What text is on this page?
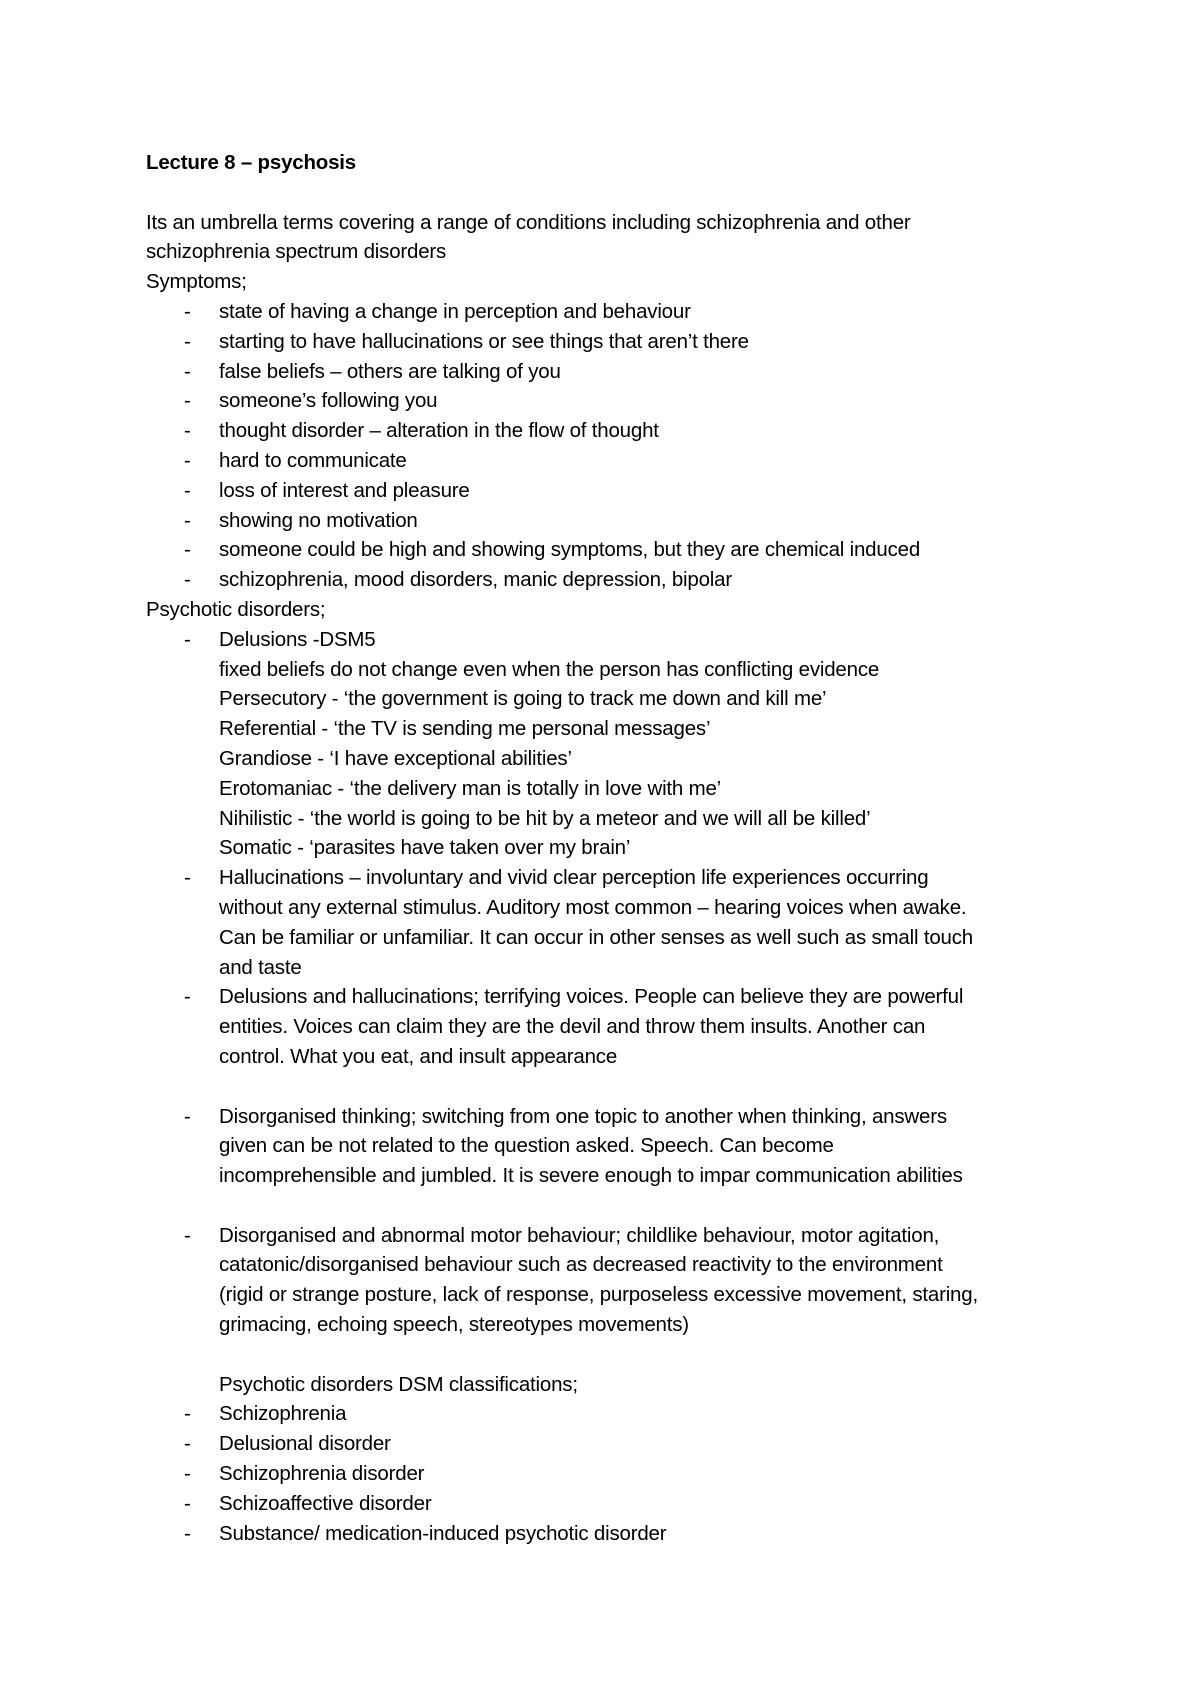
Lecture 8 – psychosis
Its an umbrella terms covering a range of conditions including schizophrenia and other
schizophrenia spectrum disorders
Symptoms;
- state of having a change in perception and behaviour
- starting to have hallucinations or see things that aren’t there
- false beliefs – others are talking of you
- someone’s following you
- thought disorder – alteration in the flow of thought
- hard to communicate
- loss of interest and pleasure
- showing no motivation
- someone could be high and showing symptoms, but they are chemical induced
- schizophrenia, mood disorders, manic depression, bipolar
Psychotic disorders;
- Delusions -DSM5
fixed beliefs do not change even when the person has conflicting evidence
Persecutory - ‘the government is going to track me down and kill me’
Referential - ‘the TV is sending me personal messages’
Grandiose - ‘I have exceptional abilities’
Erotomaniac - ‘the delivery man is totally in love with me’
Nihilistic - ‘the world is going to be hit by a meteor and we will all be killed’
Somatic - ‘parasites have taken over my brain’
- Hallucinations – involuntary and vivid clear perception life experiences occurring
without any external stimulus. Auditory most common – hearing voices when awake.
Can be familiar or unfamiliar. It can occur in other senses as well such as small touch
and taste
- Delusions and hallucinations; terrifying voices. People can believe they are powerful
entities. Voices can claim they are the devil and throw them insults. Another can
control. What you eat, and insult appearance
- Disorganised thinking; switching from one topic to another when thinking, answers
given can be not related to the question asked. Speech. Can become
incomprehensible and jumbled. It is severe enough to impar communication abilities
- Disorganised and abnormal motor behaviour; childlike behaviour, motor agitation,
catatonic/disorganised behaviour such as decreased reactivity to the environment
(rigid or strange posture, lack of response, purposeless excessive movement, staring,
grimacing, echoing speech, stereotypes movements)
Psychotic disorders DSM classifications;
- Schizophrenia
- Delusional disorder
- Schizophrenia disorder
- Schizoaffective disorder
- Substance/ medication-induced psychotic disorder
